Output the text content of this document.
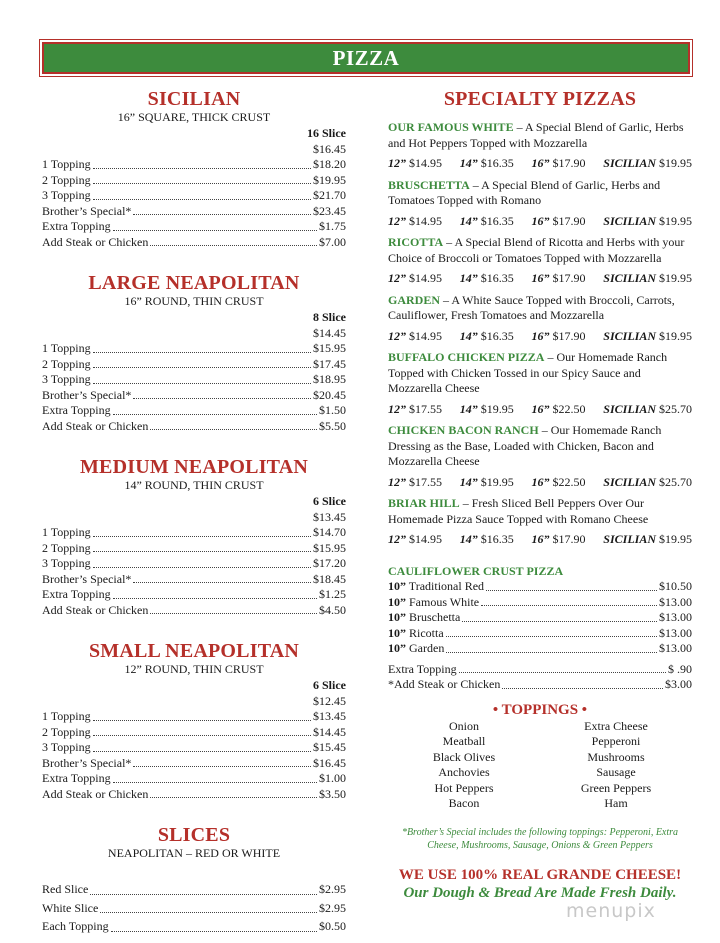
PIZZA
SICILIAN
16” SQUARE, THICK CRUST
16 Slice
$16.45
1 Topping	$18.20
2 Topping	$19.95
3 Topping	$21.70
Brother’s Special*	$23.45
Extra Topping	$1.75
Add Steak or Chicken	$7.00
LARGE NEAPOLITAN
16” ROUND, THIN CRUST
8 Slice
$14.45
1 Topping	$15.95
2 Topping	$17.45
3 Topping	$18.95
Brother’s Special*	$20.45
Extra Topping	$1.50
Add Steak or Chicken	$5.50
MEDIUM NEAPOLITAN
14” ROUND, THIN CRUST
6 Slice
$13.45
1 Topping	$14.70
2 Topping	$15.95
3 Topping	$17.20
Brother’s Special*	$18.45
Extra Topping	$1.25
Add Steak or Chicken	$4.50
SMALL NEAPOLITAN
12” ROUND, THIN CRUST
6 Slice
$12.45
1 Topping	$13.45
2 Topping	$14.45
3 Topping	$15.45
Brother’s Special*	$16.45
Extra Topping	$1.00
Add Steak or Chicken	$3.50
SLICES
NEAPOLITAN – RED OR WHITE
Red Slice	$2.95
White Slice	$2.95
Each Topping	$0.50
SPECIALTY PIZZAS
OUR FAMOUS WHITE – A Special Blend of Garlic, Herbs and Hot Peppers Topped with Mozzarella
12” $14.95 14” $16.35 16” $17.90 SICILIAN $19.95
BRUSCHETTA – A Special Blend of Garlic, Herbs and Tomatoes Topped with Romano
12” $14.95 14” $16.35 16” $17.90 SICILIAN $19.95
RICOTTA – A Special Blend of Ricotta and Herbs with your Choice of Broccoli or Tomatoes Topped with Mozzarella
12” $14.95 14” $16.35 16” $17.90 SICILIAN $19.95
GARDEN – A White Sauce Topped with Broccoli, Carrots, Cauliflower, Fresh Tomatoes and Mozzarella
12” $14.95 14” $16.35 16” $17.90 SICILIAN $19.95
BUFFALO CHICKEN PIZZA – Our Homemade Ranch Topped with Chicken Tossed in our Spicy Sauce and Mozzarella Cheese
12” $17.55 14” $19.95 16” $22.50 SICILIAN $25.70
CHICKEN BACON RANCH – Our Homemade Ranch Dressing as the Base, Loaded with Chicken, Bacon and Mozzarella Cheese
12” $17.55 14” $19.95 16” $22.50 SICILIAN $25.70
BRIAR HILL – Fresh Sliced Bell Peppers Over Our Homemade Pizza Sauce Topped with Romano Cheese
12” $14.95 14” $16.35 16” $17.90 SICILIAN $19.95
CAULIFLOWER CRUST PIZZA
10” Traditional Red	$10.50
10” Famous White	$13.00
10” Bruschetta	$13.00
10” Ricotta	$13.00
10” Garden	$13.00
Extra Topping	$ .90
*Add Steak or Chicken	$3.00
• TOPPINGS •
Onion	Extra Cheese
Meatball	Pepperoni
Black Olives	Mushrooms
Anchovies	Sausage
Hot Peppers	Green Peppers
Bacon	Ham
*Brother’s Special includes the following toppings: Pepperoni, Extra Cheese, Mushrooms, Sausage, Onions & Green Peppers
WE USE 100% REAL GRANDE CHEESE!
Our Dough & Bread Are Made Fresh Daily.
menupix
